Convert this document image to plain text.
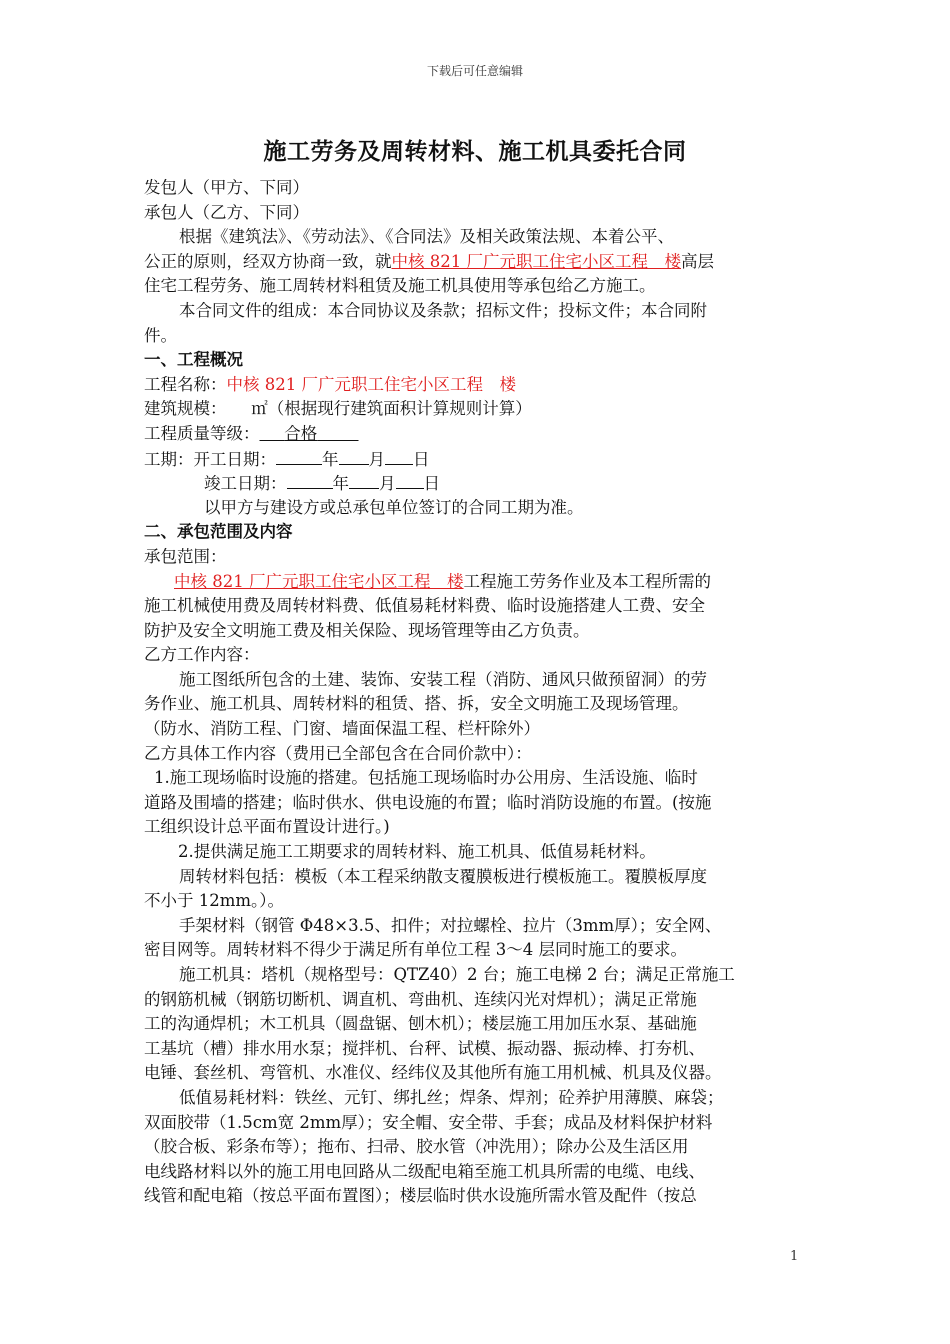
下载后可任意编辑
施工劳务及周转材料、施工机具委托合同
发包人（甲方、下同）
承包人（乙方、下同）
根据《建筑法》、《劳动法》、《合同法》及相关政策法规、本着公平、
公正的原则，经双方协商一致，就中核 821 厂广元职工住宅小区工程　楼高层
住宅工程劳务、施工周转材料租赁及施工机具使用等承包给乙方施工。
本合同文件的组成：本合同协议及条款；招标文件；投标文件；本合同附
件。
一、工程概况
工程名称：中核 821 厂广元职工住宅小区工程　楼
建筑规模：　　㎡（根据现行建筑面积计算规则计算）
工程质量等级：   合格   
工期：开工日期：	年 月 日
竣工日期：	年 月 日
以甲方与建设方或总承包单位签订的合同工期为准。
二、承包范围及内容
承包范围：
中核 821 厂广元职工住宅小区工程　楼工程施工劳务作业及本工程所需的
施工机械使用费及周转材料费、低值易耗材料费、临时设施搭建人工费、安全
防护及安全文明施工费及相关保险、现场管理等由乙方负责。
乙方工作内容：
施工图纸所包含的土建、装饰、安装工程（消防、通风只做预留洞）的劳
务作业、施工机具、周转材料的租赁、搭、拆，安全文明施工及现场管理。
（防水、消防工程、门窗、墙面保温工程、栏杆除外）
乙方具体工作内容（费用已全部包含在合同价款中）：
1.施工现场临时设施的搭建。包括施工现场临时办公用房、生活设施、临时
道路及围墙的搭建；临时供水、供电设施的布置；临时消防设施的布置。(按施
工组织设计总平面布置设计进行。)
2.提供满足施工工期要求的周转材料、施工机具、低值易耗材料。
周转材料包括：模板（本工程采纳散支覆膜板进行模板施工。覆膜板厚度
不小于 12mm。）。
手架材料（钢管 Φ48×3.5、扣件；对拉螺栓、拉片（3mm厚）；安全网、
密目网等。周转材料不得少于满足所有单位工程 3～4 层同时施工的要求。
施工机具：塔机（规格型号：QTZ40）2 台；施工电梯 2 台；满足正常施工
的钢筋机械（钢筋切断机、调直机、弯曲机、连续闪光对焊机）；满足正常施
工的沟通焊机；木工机具（圆盘锯、刨木机）；楼层施工用加压水泵、基础施
工基坑（槽）排水用水泵；搅拌机、台秤、试模、振动器、振动棒、打夯机、
电锤、套丝机、弯管机、水准仪、经纬仪及其他所有施工用机械、机具及仪器。
低值易耗材料：铁丝、元钉、绑扎丝；焊条、焊剂；砼养护用薄膜、麻袋；
双面胶带（1.5cm宽 2mm厚）；安全帽、安全带、手套；成品及材料保护材料
（胶合板、彩条布等）；拖布、扫帚、胶水管（冲洗用）；除办公及生活区用
电线路材料以外的施工用电回路从二级配电箱至施工机具所需的电缆、电线、
线管和配电箱（按总平面布置图）；楼层临时供水设施所需水管及配件（按总
1
